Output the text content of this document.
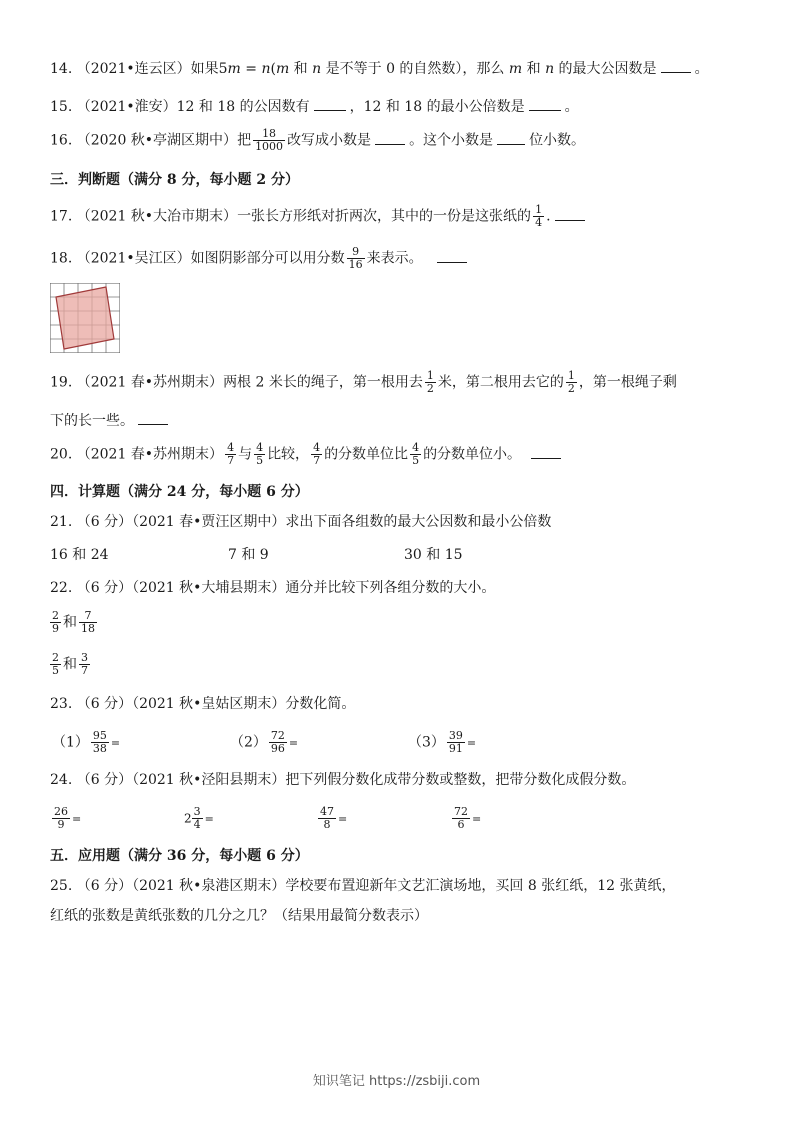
14. （2021•连云区）如果5m = n(m 和 n 是不等于 0 的自然数），那么 m 和 n 的最大公因数是	。
15. （2021•淮安）12 和 18 的公因数有	，12 和 18 的最小公倍数是	。
16. （2020 秋•亭湖区期中）把 $\frac{18}{1000}$ 改写成小数是	。这个小数是	位小数。
三．判断题（满分 8 分，每小题 2 分）
17. （2021 秋•大冶市期末）一张长方形纸对折两次，其中的一份是这张纸的 $\frac{1}{4}$ .
18. （2021•吴江区）如图阴影部分可以用分数 $\frac{9}{16}$ 来表示。
19. （2021 春•苏州期末）两根 2 米长的绳子，第一根用去 $\frac{1}{2}$ 米，第二根用去它的 $\frac{1}{2}$ ，第一根绳子剩
下的长一些。
20. （2021 春•苏州期末） $\frac{4}{7}$ 与 $\frac{4}{5}$ 比较， $\frac{4}{7}$ 的分数单位比 $\frac{4}{5}$ 的分数单位小。
四．计算题（满分 24 分，每小题 6 分）
21. （6 分）（2021 春•贾汪区期中）求出下面各组数的最大公因数和最小公倍数
16 和 24	7 和 9	30 和 15
22. （6 分）（2021 秋•大埔县期末）通分并比较下列各组分数的大小。
$\frac{2}{9}$ 和 $\frac{7}{18}$
$\frac{2}{5}$ 和 $\frac{3}{7}$
23. （6 分）（2021 秋•皇姑区期末）分数化简。
$(1) \frac{95}{38}$ =	$(2) \frac{72}{96}$ =	$(3) \frac{39}{91}$ =
24. （6 分）（2021 秋•泾阳县期末）把下列假分数化成带分数或整数，把带分数化成假分数。
$\frac{26}{9}$ =	$2 \frac{3}{4}$ =	$\frac{47}{8}$ =	$\frac{72}{6}$ =
五．应用题（满分 36 分，每小题 6 分）
25. （6 分）（2021 秋•泉港区期末）学校要布置迎新年文艺汇演场地，买回 8 张红纸，12 张黄纸，
红纸的张数是黄纸张数的几分之几？（结果用最简分数表示）
知识笔记 https://zsbiji.com
